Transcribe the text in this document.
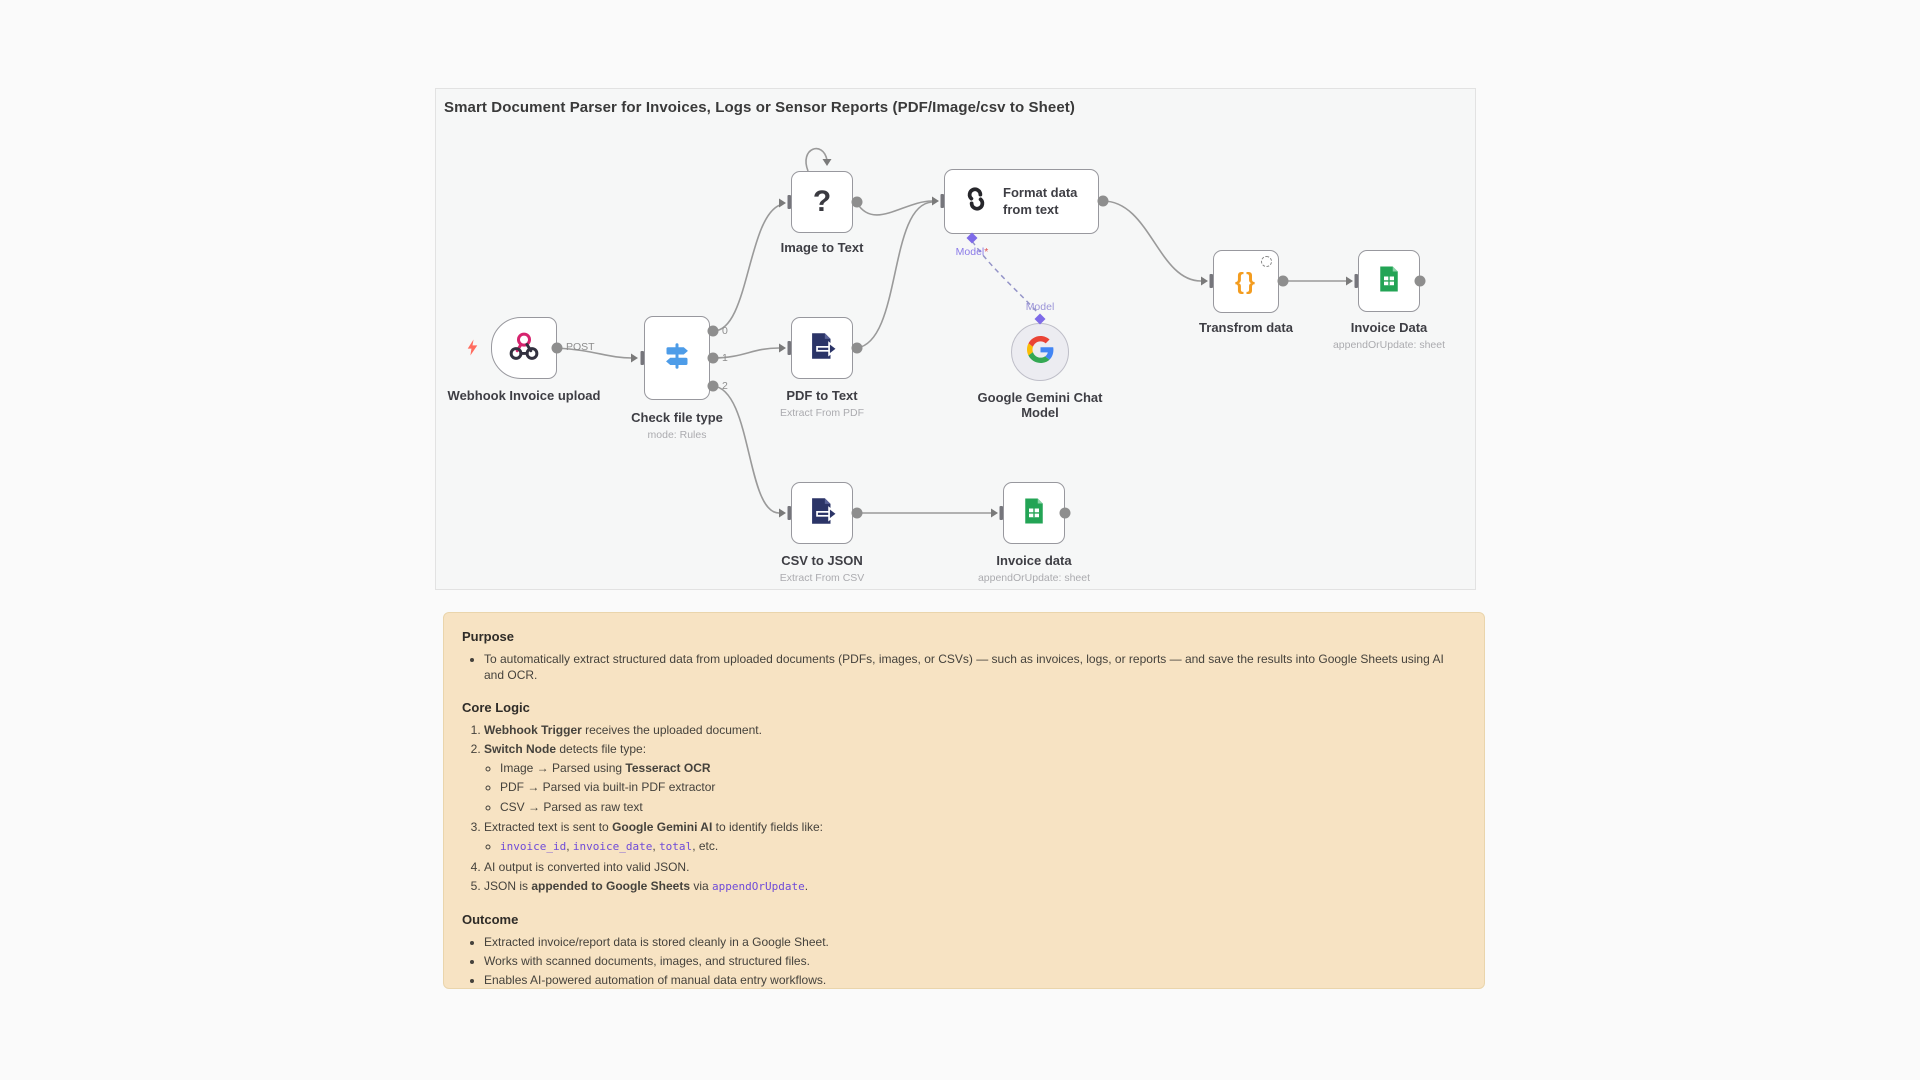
Smart Document Parser for Invoices, Logs or Sensor Reports (PDF/Image/csv to Sheet)
Webhook Invoice upload
POST
Check file type
mode: Rules
0
1
2
?
Image to Text
PDF to Text
Extract From PDF
Format data from text
Model*
Model
Google Gemini Chat Model
{}
Transfrom data	Invoice Data
appendOrUpdate: sheet
CSV to JSON
Extract From CSV
Invoice data
appendOrUpdate: sheet
Purpose
• To automatically extract structured data from uploaded documents (PDFs, images, or CSVs) — such as invoices, logs, or reports — and save the results into Google Sheets using AI and OCR.
Core Logic
1. Webhook Trigger receives the uploaded document.
2. Switch Node detects file type:
◦ Image → Parsed using Tesseract OCR
◦ PDF → Parsed via built-in PDF extractor
◦ CSV → Parsed as raw text
3. Extracted text is sent to Google Gemini AI to identify fields like:
◦ invoice_id, invoice_date, total, etc.
4. AI output is converted into valid JSON.
5. JSON is appended to Google Sheets via appendOrUpdate.
Outcome
• Extracted invoice/report data is stored cleanly in a Google Sheet.
• Works with scanned documents, images, and structured files.
• Enables AI-powered automation of manual data entry workflows.
